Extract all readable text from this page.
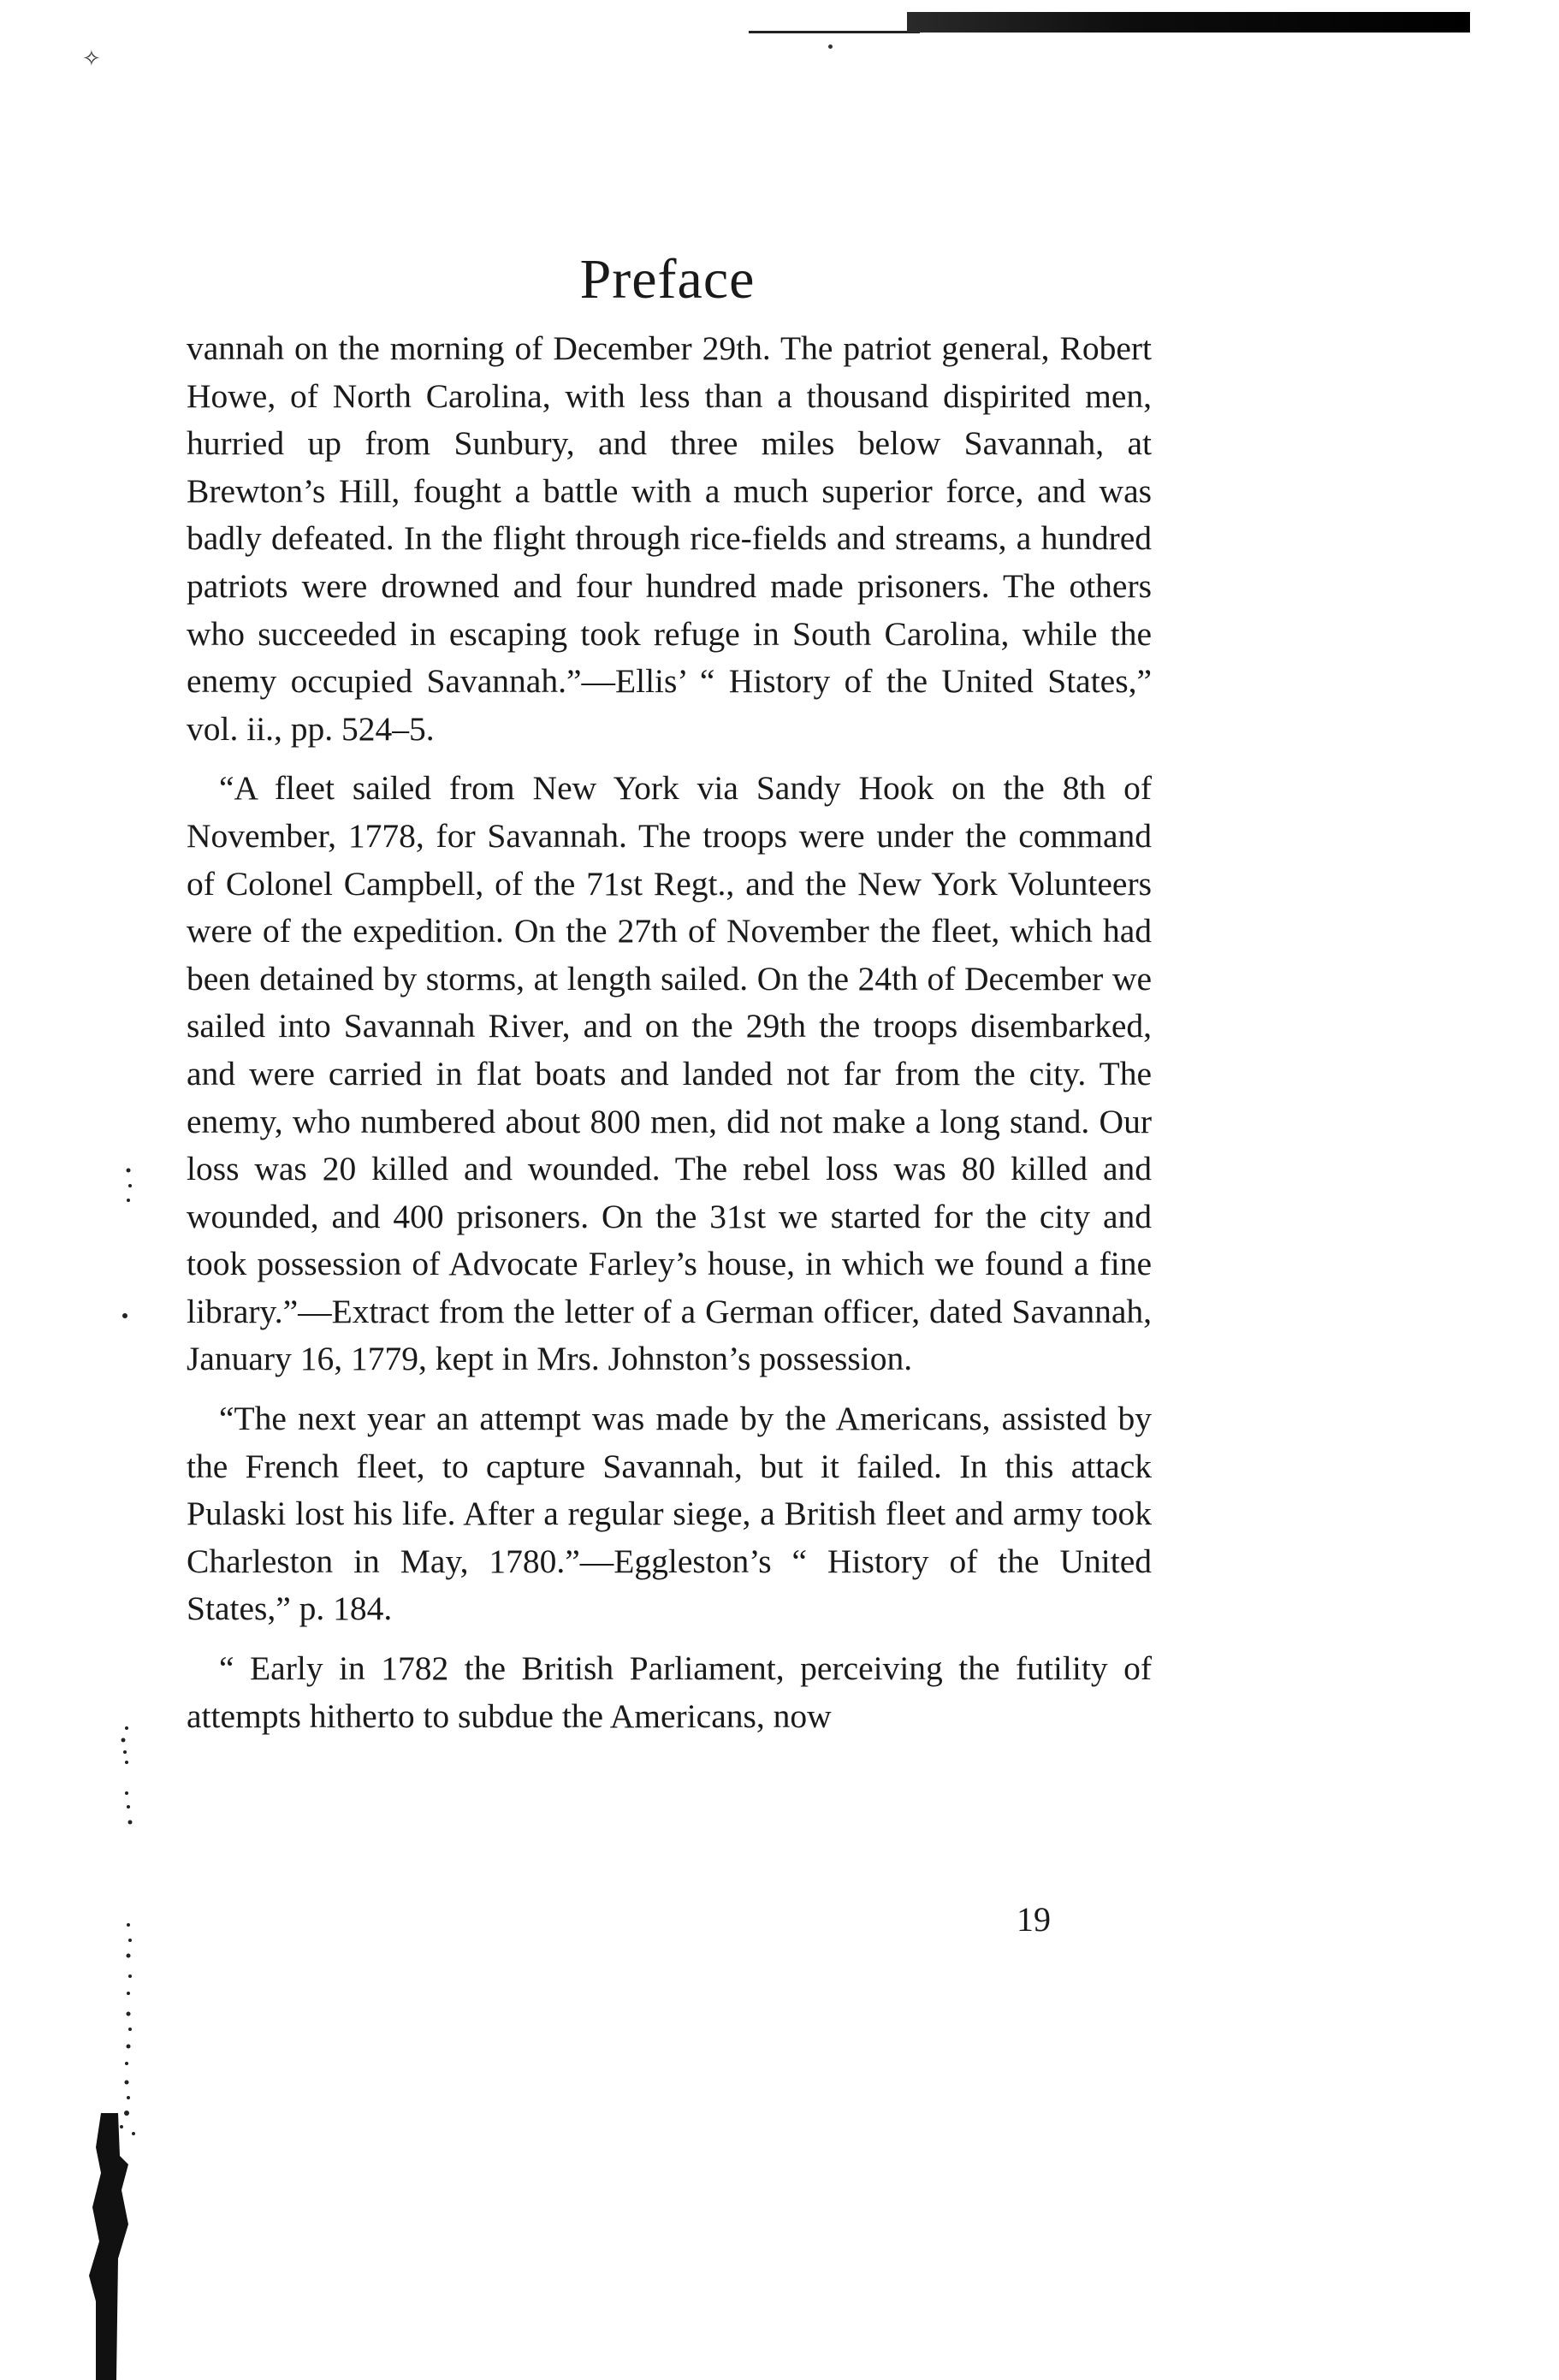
✧
Preface

vannah on the morning of December 29th. The patriot general, Robert Howe, of North Carolina, with less than a thousand dispirited men, hurried up from Sunbury, and three miles below Savannah, at Brewton’s Hill, fought a battle with a much superior force, and was badly defeated. In the flight through rice-fields and streams, a hundred patriots were drowned and four hundred made prisoners. The others who succeeded in escaping took refuge in South Carolina, while the enemy occupied Savannah.”—Ellis’ “ History of the United States,” vol. ii., pp. 524–5.

“A fleet sailed from New York via Sandy Hook on the 8th of November, 1778, for Savannah. The troops were under the command of Colonel Campbell, of the 71st Regt., and the New York Volunteers were of the expedition. On the 27th of November the fleet, which had been detained by storms, at length sailed. On the 24th of December we sailed into Savannah River, and on the 29th the troops disembarked, and were carried in flat boats and landed not far from the city. The enemy, who numbered about 800 men, did not make a long stand. Our loss was 20 killed and wounded. The rebel loss was 80 killed and wounded, and 400 prisoners. On the 31st we started for the city and took possession of Advocate Farley’s house, in which we found a fine library.”—Extract from the letter of a German officer, dated Savannah, January 16, 1779, kept in Mrs. Johnston’s possession.

“The next year an attempt was made by the Americans, assisted by the French fleet, to capture Savannah, but it failed. In this attack Pulaski lost his life. After a regular siege, a British fleet and army took Charleston in May, 1780.”—Eggleston’s “ History of the United States,” p. 184.

“ Early in 1782 the British Parliament, perceiving the futility of attempts hitherto to subdue the Americans, now

19
